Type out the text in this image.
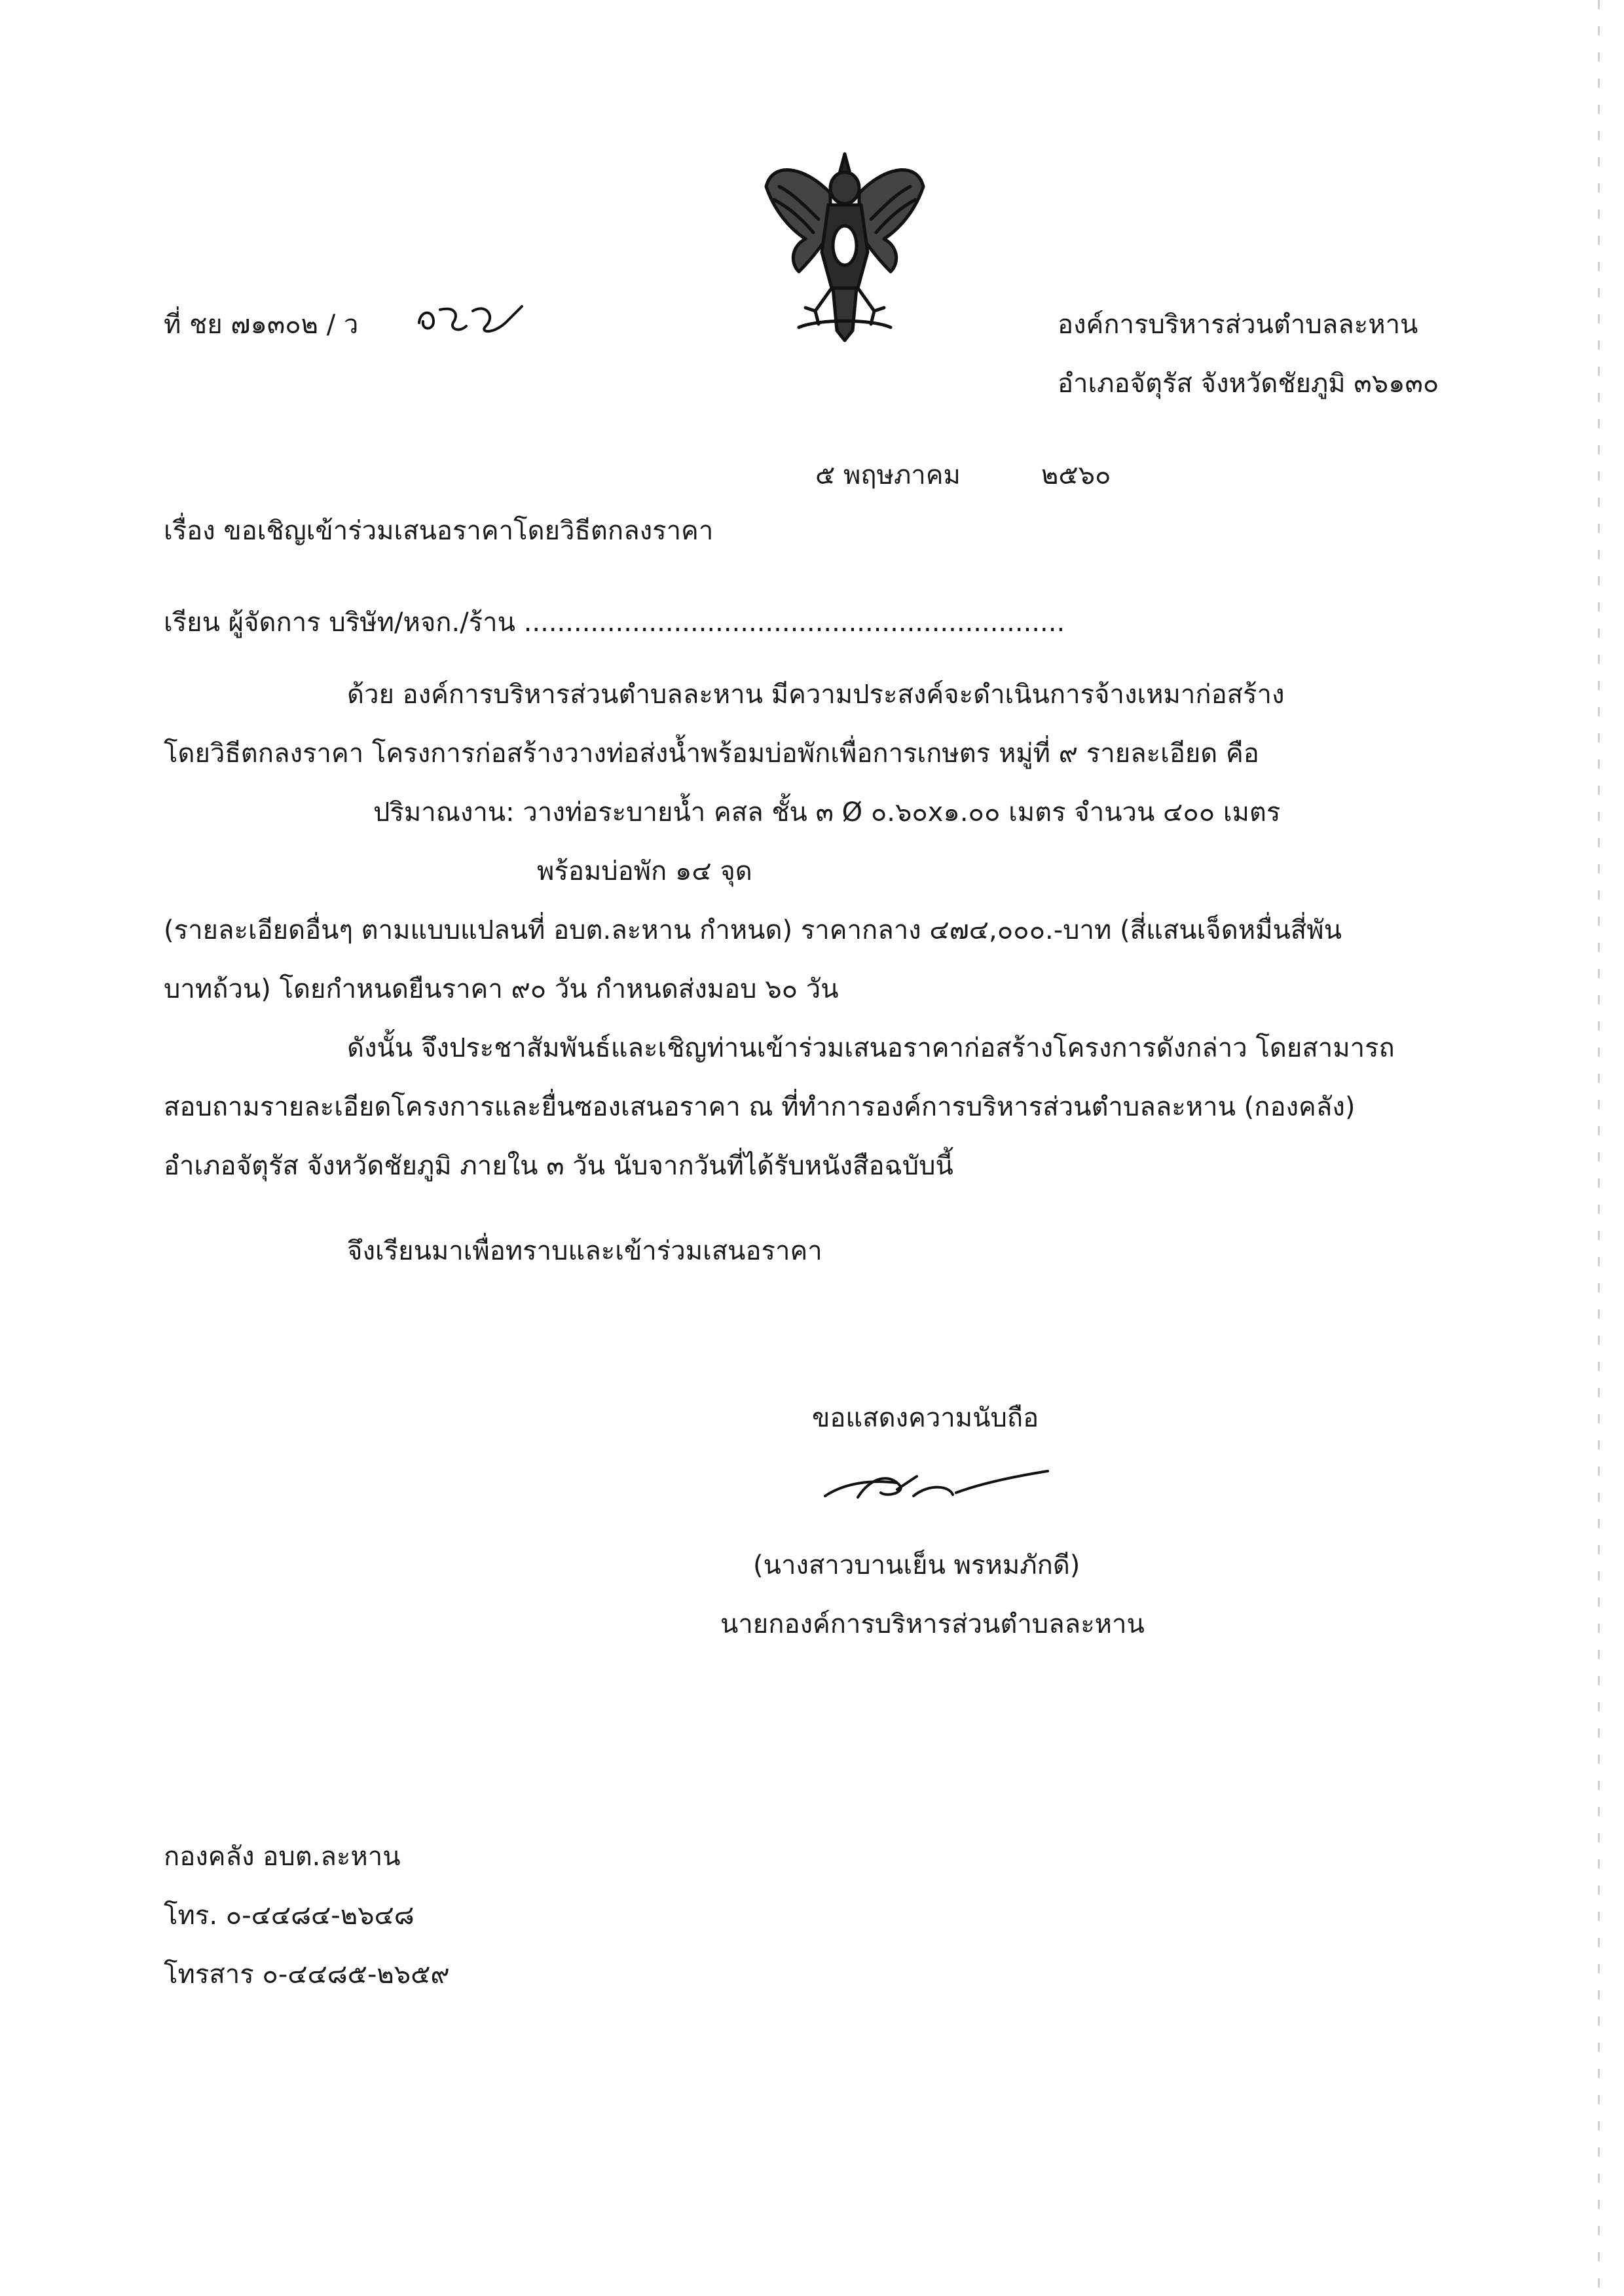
ที่ ชย ๗๑๓๐๒ / ว	องค์การบริหารส่วนตำบลละหาน
อำเภอจัตุรัส จังหวัดชัยภูมิ ๓๖๑๓๐
๕ พฤษภาคม	๒๕๖๐
เรื่อง ขอเชิญเข้าร่วมเสนอราคาโดยวิธีตกลงราคา
เรียน ผู้จัดการ บริษัท/หจก./ร้าน .................................................................
ด้วย องค์การบริหารส่วนตำบลละหาน มีความประสงค์จะดำเนินการจ้างเหมาก่อสร้าง
โดยวิธีตกลงราคา โครงการก่อสร้างวางท่อส่งน้ำพร้อมบ่อพักเพื่อการเกษตร หมู่ที่ ๙ รายละเอียด คือ
ปริมาณงาน: วางท่อระบายน้ำ คสล ชั้น ๓ Ø ๐.๖๐x๑.๐๐ เมตร จำนวน ๔๐๐ เมตร
พร้อมบ่อพัก ๑๔ จุด
(รายละเอียดอื่นๆ ตามแบบแปลนที่ อบต.ละหาน กำหนด) ราคากลาง ๔๗๔,๐๐๐.-บาท (สี่แสนเจ็ดหมื่นสี่พัน
บาทถ้วน) โดยกำหนดยืนราคา ๙๐ วัน กำหนดส่งมอบ ๖๐ วัน
ดังนั้น จึงประชาสัมพันธ์และเชิญท่านเข้าร่วมเสนอราคาก่อสร้างโครงการดังกล่าว โดยสามารถ
สอบถามรายละเอียดโครงการและยื่นซองเสนอราคา ณ ที่ทำการองค์การบริหารส่วนตำบลละหาน (กองคลัง)
อำเภอจัตุรัส จังหวัดชัยภูมิ ภายใน ๓ วัน นับจากวันที่ได้รับหนังสือฉบับนี้
จึงเรียนมาเพื่อทราบและเข้าร่วมเสนอราคา
ขอแสดงความนับถือ
(นางสาวบานเย็น พรหมภักดี)
นายกองค์การบริหารส่วนตำบลละหาน
กองคลัง อบต.ละหาน
โทร. ๐-๔๔๘๔-๒๖๔๘
โทรสาร ๐-๔๔๘๕-๒๖๕๙
